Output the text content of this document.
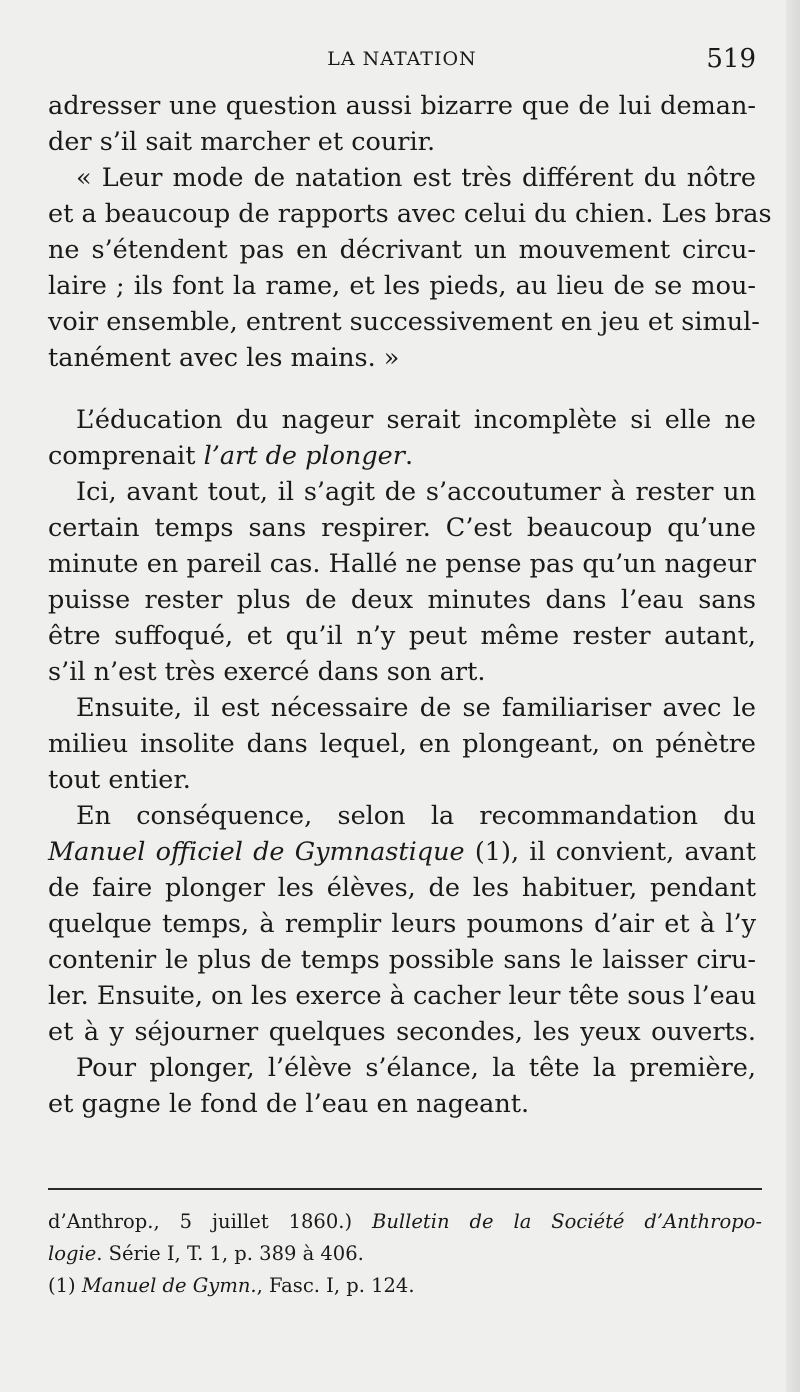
LA NATATION	519
adresser une question aussi bizarre que de lui deman-
der s’il sait marcher et courir.
« Leur mode de natation est très différent du nôtre
et a beaucoup de rapports avec celui du chien. Les bras
ne s’étendent pas en décrivant un mouvement circu-
laire ; ils font la rame, et les pieds, au lieu de se mou-
voir ensemble, entrent successivement en jeu et simul-
tanément avec les mains. »
L’éducation du nageur serait incomplète si elle ne
comprenait l’art de plonger.
Ici, avant tout, il s’agit de s’accoutumer à rester un
certain temps sans respirer. C’est beaucoup qu’une
minute en pareil cas. Hallé ne pense pas qu’un nageur
puisse rester plus de deux minutes dans l’eau sans
être suffoqué, et qu’il n’y peut même rester autant,
s’il n’est très exercé dans son art.
Ensuite, il est nécessaire de se familiariser avec le
milieu insolite dans lequel, en plongeant, on pénètre
tout entier.
En conséquence, selon la recommandation du
Manuel officiel de Gymnastique (1), il convient, avant
de faire plonger les élèves, de les habituer, pendant
quelque temps, à remplir leurs poumons d’air et à l’y
contenir le plus de temps possible sans le laisser ciru-
ler. Ensuite, on les exerce à cacher leur tête sous l’eau
et à y séjourner quelques secondes, les yeux ouverts.
Pour plonger, l’élève s’élance, la tête la première,
et gagne le fond de l’eau en nageant.
d’Anthrop., 5 juillet 1860.) Bulletin de la Société d’Anthropo-
logie. Série I, T. 1, p. 389 à 406.
(1) Manuel de Gymn., Fasc. I, p. 124.
